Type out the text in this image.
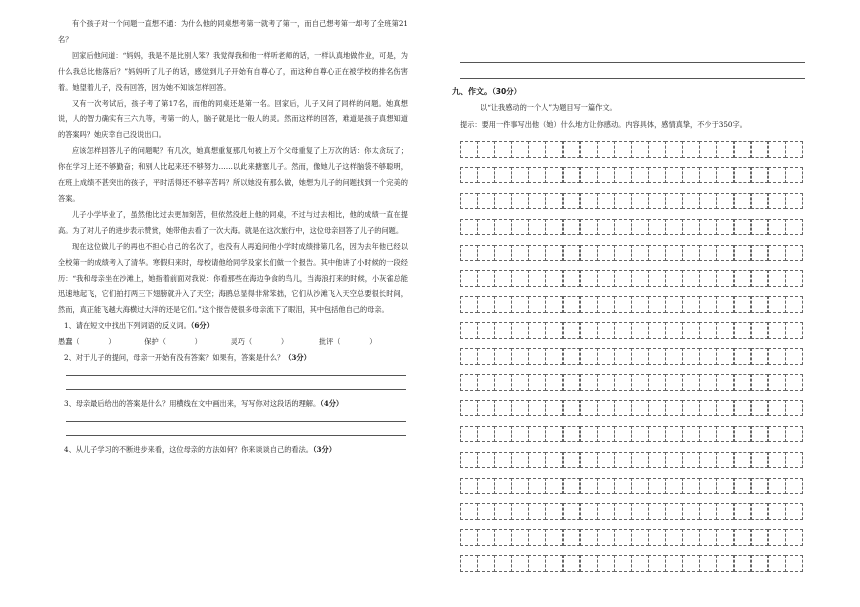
有个孩子对一个问题一直想不通：为什么他的同桌想考第一就考了第一，而自己想考第一却考了全班第21名？

回家后他问道：“妈妈，我是不是比别人笨？我觉得我和他一样听老师的话，一样认真地做作业，可是，为什么我总比他落后？”妈妈听了儿子的话，感觉到儿子开始有自尊心了，而这种自尊心正在被学校的排名伤害着。她望着儿子，没有回答，因为她不知该怎样回答。

又有一次考试后，孩子考了第17名，而他的同桌还是第一名。回家后，儿子又问了同样的问题。她真想说，人的智力确实有三六九等，考第一的人，脑子就是比一般人的灵。然而这样的回答，难道是孩子真想知道的答案吗？她庆幸自己没说出口。

应该怎样回答儿子的问题呢？有几次，她真想重复那几句被上万个父母重复了上万次的话：你太贪玩了；你在学习上还不够勤奋；和别人比起来还不够努力……以此来搪塞儿子。然而，像她儿子这样脑袋不够聪明，在班上成绩不甚突出的孩子，平时活得还不够辛苦吗？所以她没有那么做，她想为儿子的问题找到一个完美的答案。

儿子小学毕业了，虽然他比过去更加刻苦，但依然没赶上他的同桌，不过与过去相比，他的成绩一直在提高。为了对儿子的进步表示赞赏，她带他去看了一次大海。就是在这次旅行中，这位母亲回答了儿子的问题。

现在这位做儿子的再也不担心自己的名次了，也没有人再追问他小学时成绩排第几名，因为去年他已经以全校第一的成绩考入了清华。寒假归来时，母校请他给同学及家长们做一个报告。其中他讲了小时候的一段经历：“我和母亲坐在沙滩上，她指着前面对我说：你看那些在海边争食的鸟儿，当海浪打来的时候，小灰雀总能迅速地起飞，它们拍打两三下翅膀就升入了天空；海鸥总显得非常笨拙，它们从沙滩飞入天空总要很长时间，然而，真正能飞越大海横过大洋的还是它们。”这个报告使很多母亲流下了眼泪，其中包括他自己的母亲。

1、请在短文中找出下列词语的反义词。（6分）
愚蠢（　　　　）	保护（　　　　）	灵巧（　　　　）	批评（　　　　）
2、对于儿子的提问，母亲一开始有没有答案？如果有，答案是什么？（3分）
3、母亲最后给出的答案是什么？用横线在文中画出来，写写你对这段话的理解。（4分）
4、从儿子学习的不断进步来看，这位母亲的方法如何？你来谈谈自己的看法。（3分）
九、作文。（30分）
以“让我感动的一个人”为题目写一篇作文。
提示：要用一件事写出他（她）什么地方让你感动。内容具体，感情真挚，不少于350字。
